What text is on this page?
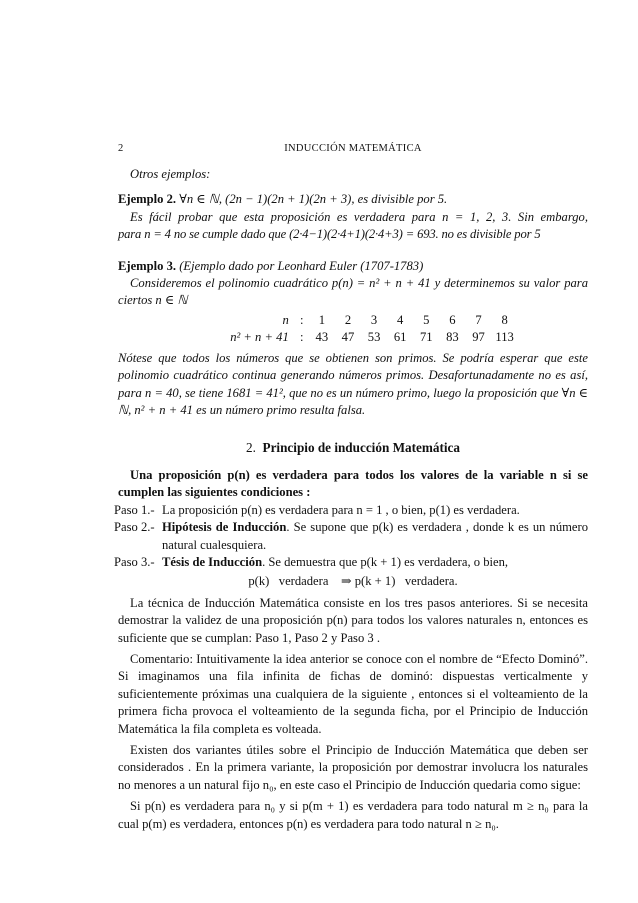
2	INDUCCIÓN MATEMÁTICA

Otros ejemplos:

Ejemplo 2. ∀n ∈ ℕ, (2n − 1)(2n + 1)(2n + 3), es divisible por 5.

Es fácil probar que esta proposición es verdadera para n = 1, 2, 3. Sin embargo,

para n = 4 no se cumple dado que (2·4−1)(2·4+1)(2·4+3) = 693. no es divisible por 5

Ejemplo 3. (Ejemplo dado por Leonhard Euler (1707-1783)

Consideremos el polinomio cuadrático p(n) = n² + n + 41 y determinemos su valor para ciertos n ∈ ℕ

n	:	1	2	3	4	5	6	7	8	
n² + n + 41	:	43	47	53	61	71	83	97	113	

Nótese que todos los números que se obtienen son primos. Se podría esperar que este polinomio cuadrático continua generando números primos. Desafortunadamente no es así, para n = 40, se tiene 1681 = 41², que no es un número primo, luego la proposición que ∀n ∈ ℕ, n² + n + 41 es un número primo resulta falsa.

2. Principio de inducción Matemática

Una proposición p(n) es verdadera para todos los valores de la variable n si se cumplen las siguientes condiciones :

Paso 1.- La proposición p(n) es verdadera para n = 1 , o bien, p(1) es verdadera.
Paso 2.- Hipótesis de Inducción. Se supone que p(k) es verdadera , donde k es un número natural cualesquiera.
Paso 3.- Tésis de Inducción. Se demuestra que p(k + 1) es verdadera, o bien,

p(k)   verdadera    ⇒ p(k + 1)   verdadera.

La técnica de Inducción Matemática consiste en los tres pasos anteriores. Si se necesita demostrar la validez de una proposición p(n) para todos los valores naturales n, entonces es suficiente que se cumplan: Paso 1, Paso 2 y Paso 3 .

Comentario: Intuitivamente la idea anterior se conoce con el nombre de “Efecto Dominó”. Si imaginamos una fila infinita de fichas de dominó: dispuestas verticalmente y suficientemente próximas una cualquiera de la siguiente , entonces si el volteamiento de la primera ficha provoca el volteamiento de la segunda ficha, por el Principio de Inducción Matemática la fila completa es volteada.

Existen dos variantes útiles sobre el Principio de Inducción Matemática que deben ser considerados . En la primera variante, la proposición por demostrar involucra los naturales no menores a un natural fijo n₀, en este caso el Principio de Inducción quedaria como sigue:

Si p(n) es verdadera para n₀ y si p(m + 1) es verdadera para todo natural m ≥ n₀ para la cual p(m) es verdadera, entonces p(n) es verdadera para todo natural n ≥ n₀.
